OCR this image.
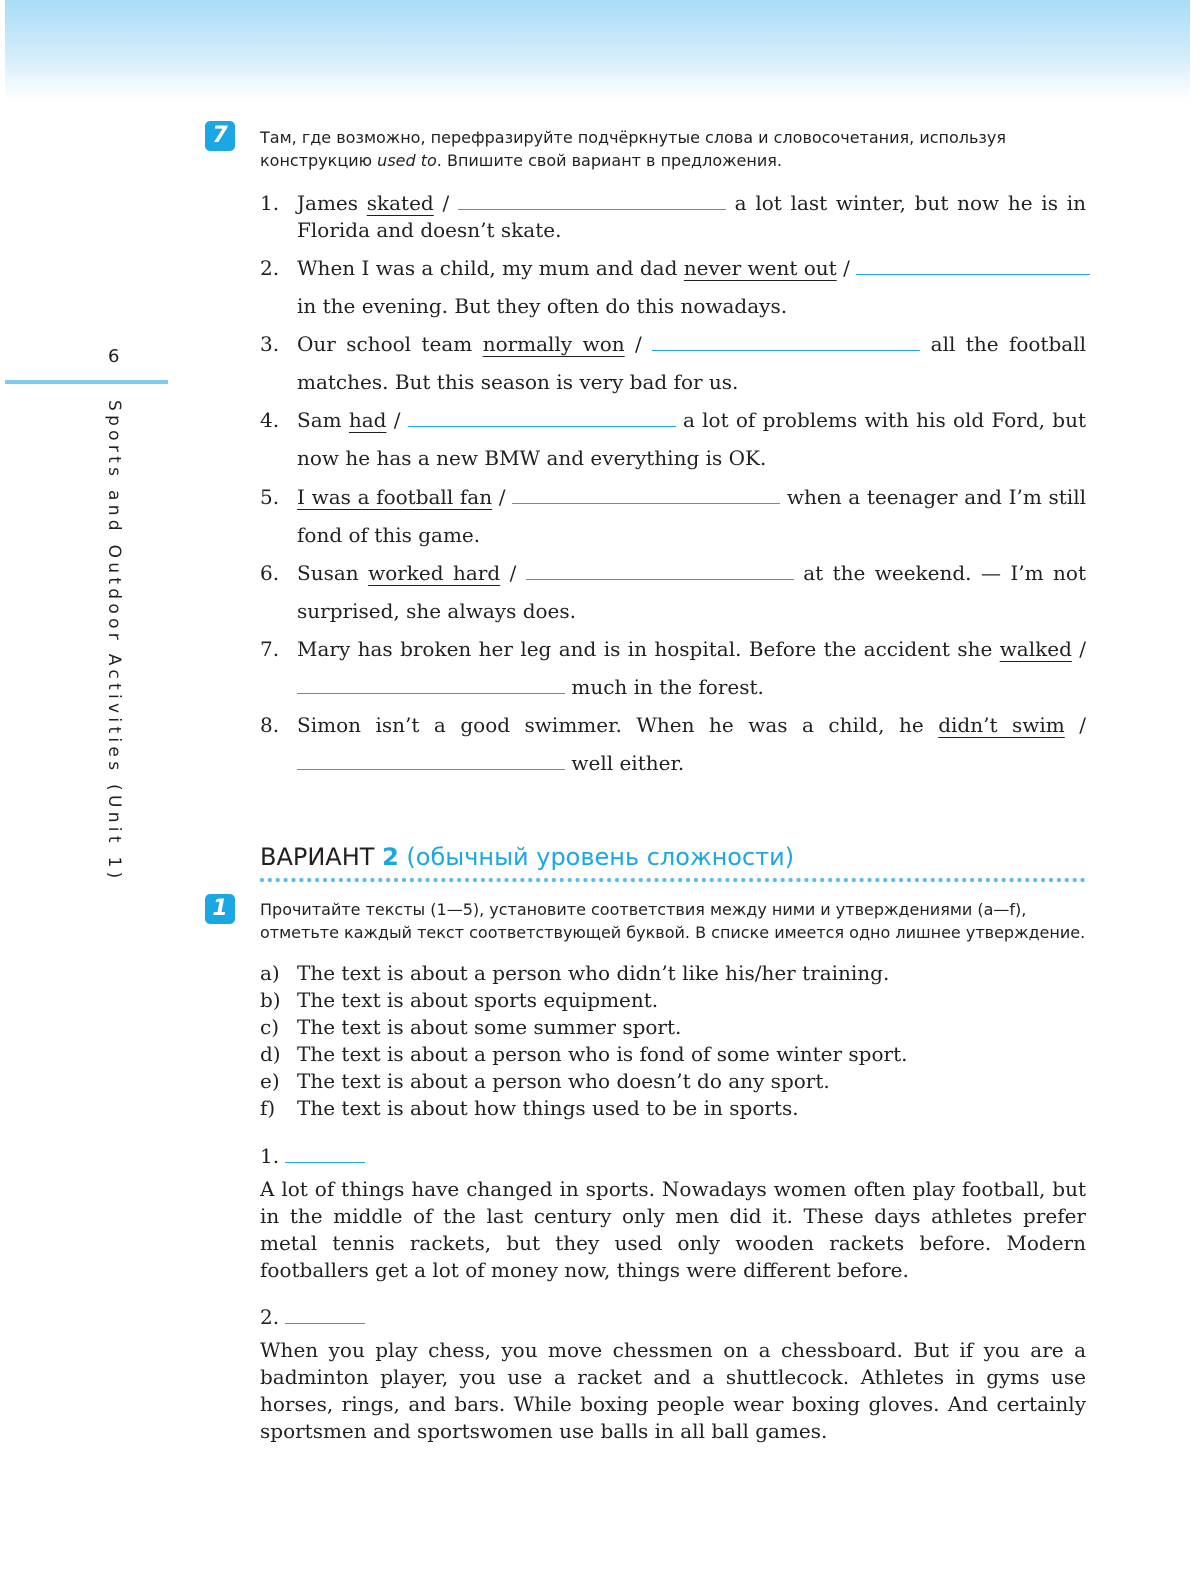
6
Sports and Outdoor Activities (Unit 1)
7	Там, где возможно, перефразируйте подчёркнутые слова и словосочетания, используя конструкцию used to. Впишите свой вариант в предложения.
1. James skated /	a lot last winter, but now he is in
Florida and doesn’t skate.
2. When I was a child, my mum and dad never went out /
in the evening. But they often do this nowadays.
3. Our school team normally won /	all the football
matches. But this season is very bad for us.
4. Sam had /	a lot of problems with his old Ford, but
now he has a new BMW and everything is OK.
5. I was a football fan /	when a teenager and I’m still
fond of this game.
6. Susan worked hard /	at the weekend. — I’m not
surprised, she always does.
7. Mary has broken her leg and is in hospital. Before the accident she walked /
much in the forest.
8. Simon isn’t a good swimmer. When he was a child, he didn’t swim /
well either.
ВАРИАНТ 2 (обычный уровень сложности)
1	Прочитайте тексты (1—5), установите соответствия между ними и утверждениями (a—f), отметьте каждый текст соответствующей буквой. В списке имеется одно лишнее утверждение.
a) The text is about a person who didn’t like his/her training.
b) The text is about sports equipment.
c) The text is about some summer sport.
d) The text is about a person who is fond of some winter sport.
e) The text is about a person who doesn’t do any sport.
f) The text is about how things used to be in sports.
1.
A lot of things have changed in sports. Nowadays women often play football, but in the middle of the last century only men did it. These days athletes prefer metal tennis rackets, but they used only wooden rackets before. Modern footballers get a lot of money now, things were different before.
2.
When you play chess, you move chessmen on a chessboard. But if you are a badminton player, you use a racket and a shuttlecock. Athletes in gyms use horses, rings, and bars. While boxing people wear boxing gloves. And certainly sportsmen and sportswomen use balls in all ball games.
